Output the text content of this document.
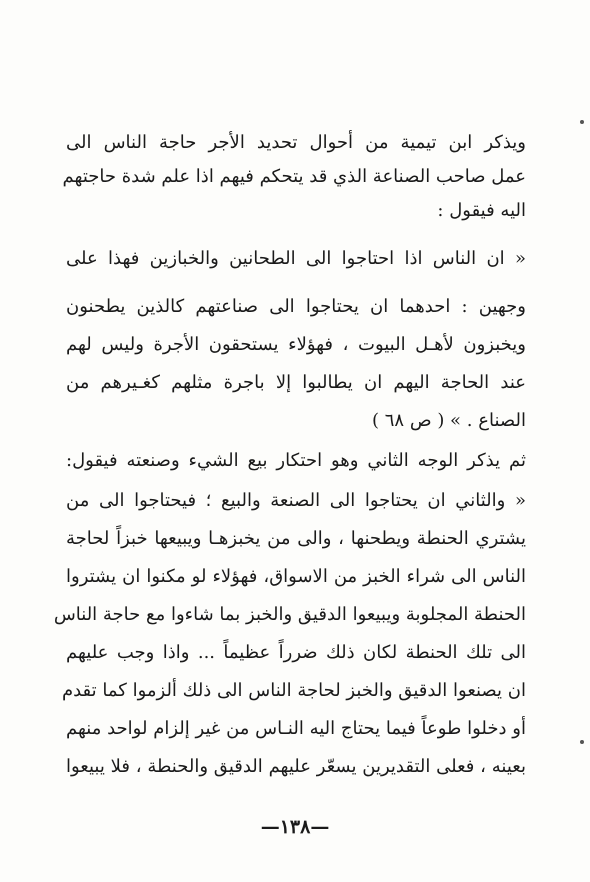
ويذكر ابن تيمية من أحوال تحديد الأجر حاجة الناس الى
عمل صاحب الصناعة الذي قد يتحكم فيهم اذا علم شدة حاجتهم
اليه فيقول :
« ان الناس اذا احتاجوا الى الطحانين والخبازين فهذا على
وجهين : احدهما ان يحتاجوا الى صناعتهم كالذين يطحنون
ويخبزون لأهـل البيوت ، فهؤلاء يستحقون الأجرة وليس لهم
عند الحاجة اليهم ان يطالبوا إلا باجرة مثلهم كغـيرهم من
الصناع . » ( ص ٦٨ )
ثم يذكر الوجه الثاني وهو احتكار بيع الشيء وصنعته فيقول:
« والثاني ان يحتاجوا الى الصنعة والبيع ؛ فيحتاجوا الى من
يشتري الحنطة ويطحنها ، والى من يخبزهـا ويبيعها خبزاً لحاجة
الناس الى شراء الخبز من الاسواق، فهؤلاء لو مكنوا ان يشتروا
الحنطة المجلوبة ويبيعوا الدقيق والخبز بما شاءوا مع حاجة الناس
الى تلك الحنطة لكان ذلك ضرراً عظيماً ... واذا وجب عليهم
ان يصنعوا الدقيق والخبز لحاجة الناس الى ذلك ألزموا كما تقدم
أو دخلوا طوعاً فيما يحتاج اليه النـاس من غير إلزام لواحد منهم
بعينه ، فعلى التقديرين يسعّر عليهم الدقيق والحنطة ، فلا يبيعوا
—١٣٨—
